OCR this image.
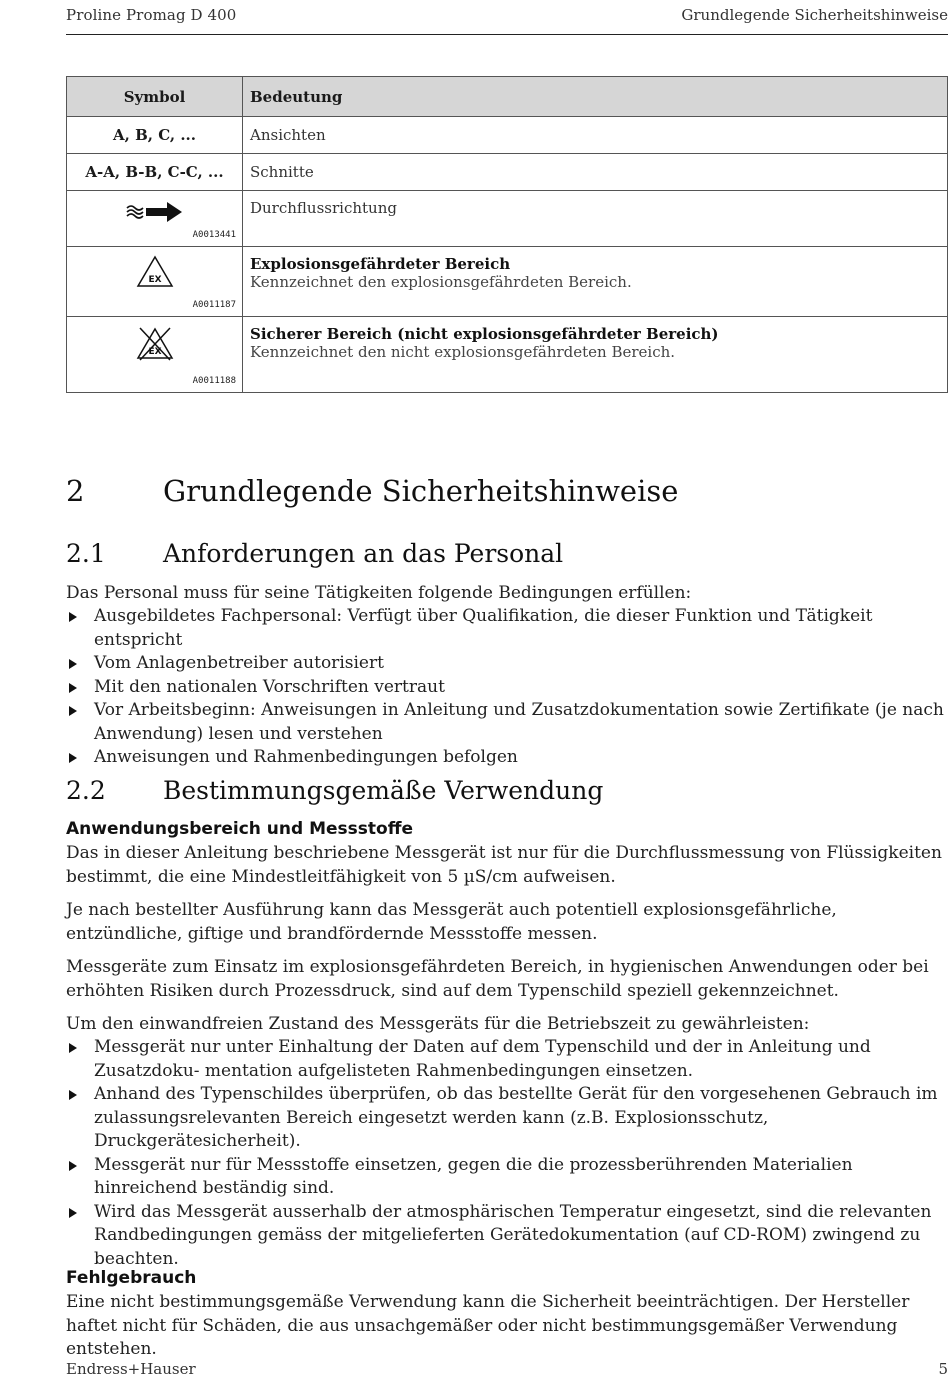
Proline Promag D 400	Grundlegende Sicherheitshinweise
Symbol	Bedeutung
A, B, C, ...	Ansichten
A-A, B-B, C-C, ...	Schnitte

A0013441	Durchflussrichtung

EX
A0011187	Explosionsgefährdeter Bereich
Kennzeichnet den explosionsgefährdeten Bereich.

EX
A0011188	Sicherer Bereich (nicht explosionsgefährdeter Bereich)
Kennzeichnet den nicht explosionsgefährdeten Bereich.
2	Grundlegende Sicherheitshinweise
2.1 Anforderungen an das Personal
Das Personal muss für seine Tätigkeiten folgende Bedingungen erfüllen:
Ausgebildetes Fachpersonal: Verfügt über Qualifikation, die dieser Funktion und Tätigkeit entspricht
Vom Anlagenbetreiber autorisiert
Mit den nationalen Vorschriften vertraut
Vor Arbeitsbeginn: Anweisungen in Anleitung und Zusatzdokumentation sowie Zertifikate (je nach Anwendung) lesen und verstehen
Anweisungen und Rahmenbedingungen befolgen
2.2 Bestimmungsgemäße Verwendung
Anwendungsbereich und Messstoffe
Das in dieser Anleitung beschriebene Messgerät ist nur für die Durchflussmessung von Flüssigkeiten bestimmt, die eine Mindestleitfähigkeit von 5 µS/cm aufweisen.
Je nach bestellter Ausführung kann das Messgerät auch potentiell explosionsgefährliche, entzündliche, giftige und brandfördernde Messstoffe messen.
Messgeräte zum Einsatz im explosionsgefährdeten Bereich, in hygienischen Anwendungen oder bei erhöhten Risiken durch Prozessdruck, sind auf dem Typenschild speziell gekennzeichnet.
Um den einwandfreien Zustand des Messgeräts für die Betriebszeit zu gewährleisten:
Messgerät nur unter Einhaltung der Daten auf dem Typenschild und der in Anleitung und Zusatzdoku- mentation aufgelisteten Rahmenbedingungen einsetzen.
Anhand des Typenschildes überprüfen, ob das bestellte Gerät für den vorgesehenen Gebrauch im zulassungsrelevanten Bereich eingesetzt werden kann (z.B. Explosionsschutz, Druckgerätesicherheit).
Messgerät nur für Messstoffe einsetzen, gegen die die prozessberührenden Materialien hinreichend beständig sind.
Wird das Messgerät ausserhalb der atmosphärischen Temperatur eingesetzt, sind die relevanten Randbedingungen gemäss der mitgelieferten Gerätedokumentation (auf CD-ROM) zwingend zu beachten.
Fehlgebrauch
Eine nicht bestimmungsgemäße Verwendung kann die Sicherheit beeinträchtigen. Der Hersteller haftet nicht für Schäden, die aus unsachgemäßer oder nicht bestimmungsgemäßer Verwendung entstehen.
Endress+Hauser	5
